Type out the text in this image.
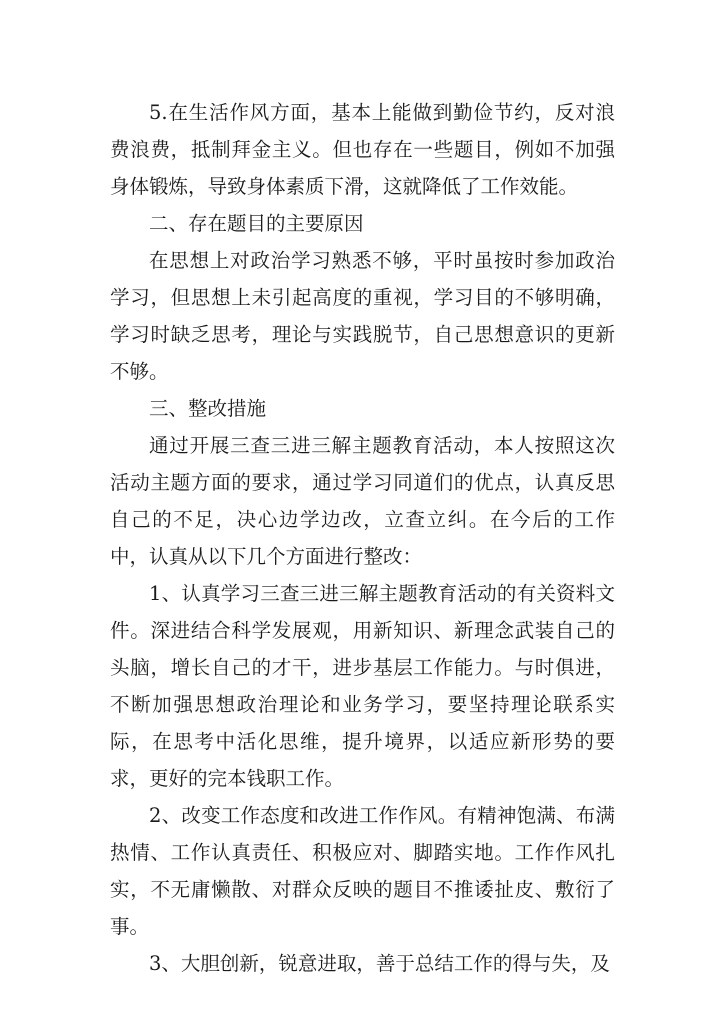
5.在生活作风方面，基本上能做到勤俭节约，反对浪费浪费，抵制拜金主义。但也存在一些题目，例如不加强身体锻炼，导致身体素质下滑，这就降低了工作效能。

二、存在题目的主要原因

在思想上对政治学习熟悉不够，平时虽按时参加政治学习，但思想上未引起高度的重视，学习目的不够明确，学习时缺乏思考，理论与实践脱节，自己思想意识的更新不够。

三、整改措施

通过开展三查三进三解主题教育活动，本人按照这次活动主题方面的要求，通过学习同道们的优点，认真反思自己的不足，决心边学边改，立查立纠。在今后的工作中，认真从以下几个方面进行整改：

1、认真学习三查三进三解主题教育活动的有关资料文件。深进结合科学发展观，用新知识、新理念武装自己的头脑，增长自己的才干，进步基层工作能力。与时俱进，不断加强思想政治理论和业务学习，要坚持理论联系实际，在思考中活化思维，提升境界，以适应新形势的要求，更好的完本钱职工作。

2、改变工作态度和改进工作作风。有精神饱满、布满热情、工作认真责任、积极应对、脚踏实地。工作作风扎实，不无庸懒散、对群众反映的题目不推诿扯皮、敷衍了事。

3、大胆创新，锐意进取，善于总结工作的得与失，及
